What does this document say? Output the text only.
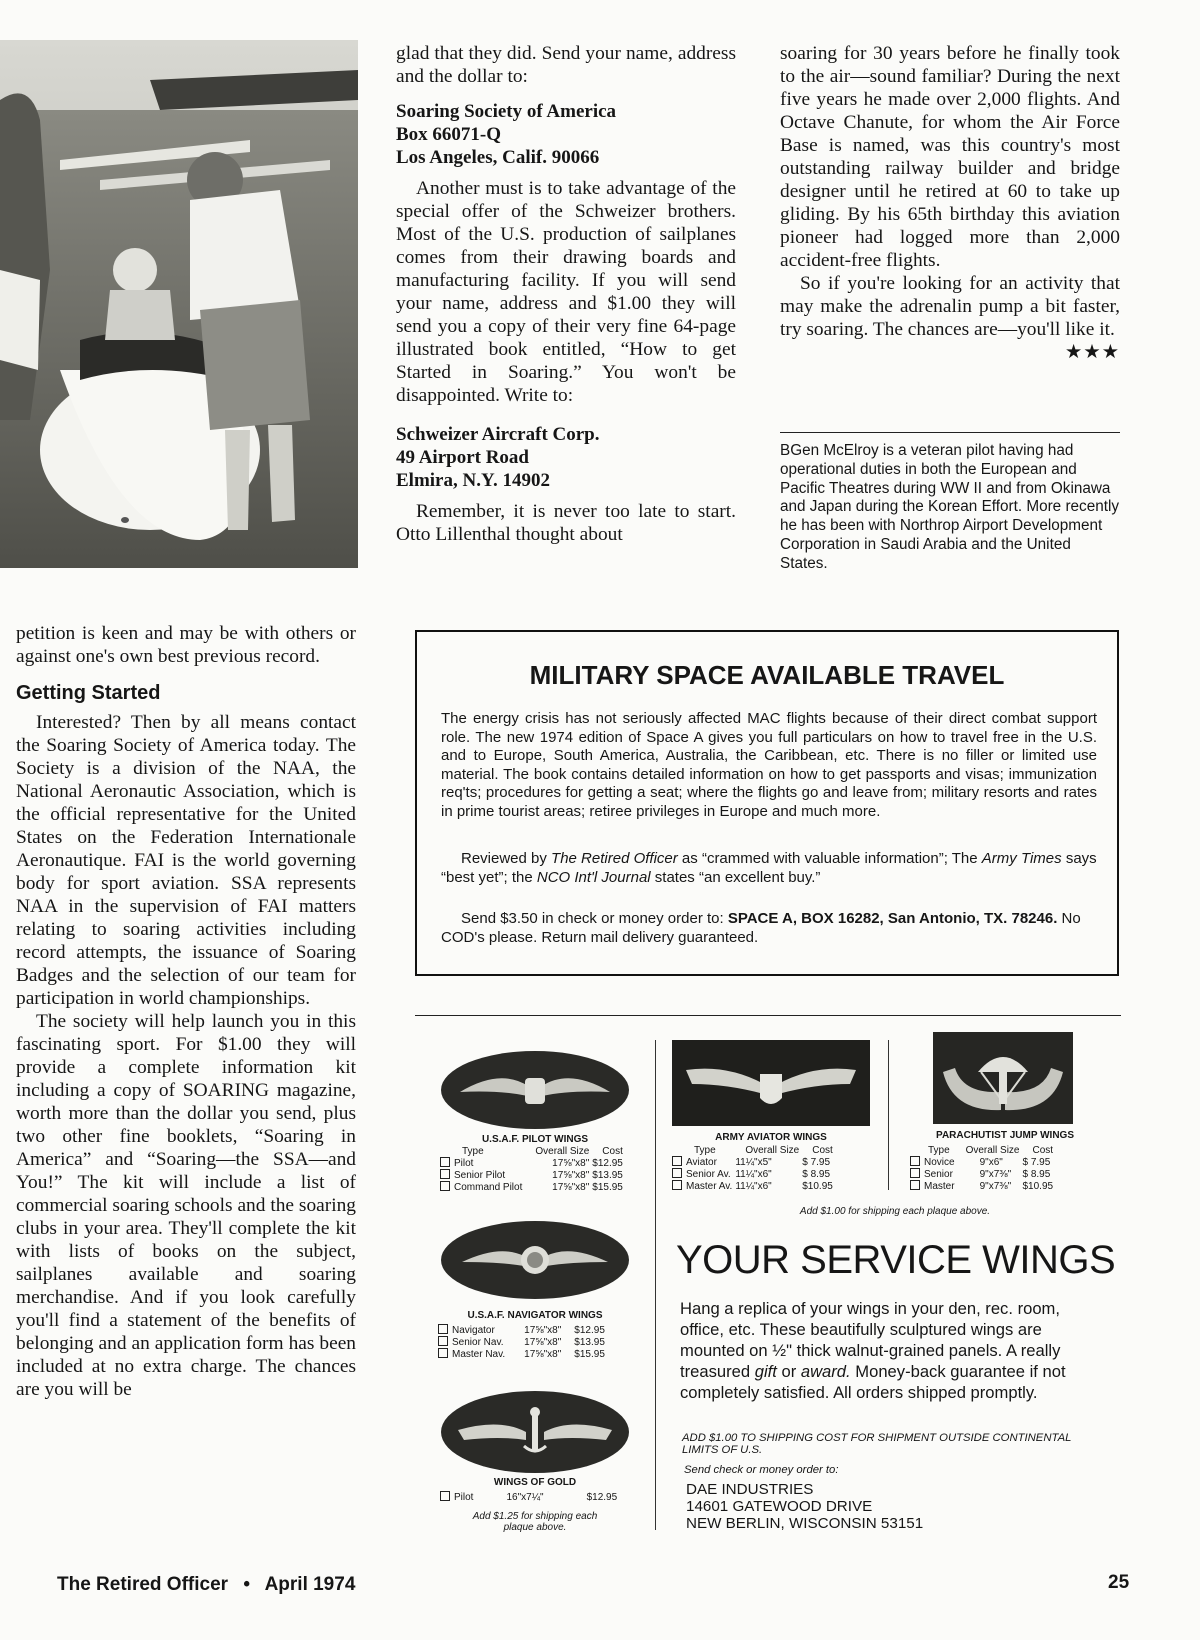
petition is keen and may be with others or against one's own best previous record.

Getting Started

Interested? Then by all means contact the Soaring Society of America today. The Society is a division of the NAA, the National Aeronautic Association, which is the official representative for the United States on the Federation Internationale Aeronautique. FAI is the world governing body for sport aviation. SSA represents NAA in the supervision of FAI matters relating to soaring activities including record attempts, the issuance of Soaring Badges and the selection of our team for participation in world championships.

The society will help launch you in this fascinating sport. For $1.00 they will provide a complete information kit including a copy of SOARING magazine, worth more than the dollar you send, plus two other fine booklets, “Soaring in America” and “Soaring—the SSA—and You!” The kit will include a list of commercial soaring schools and the soaring clubs in your area. They'll complete the kit with lists of books on the subject, sailplanes available and soaring merchandise. And if you look carefully you'll find a statement of the benefits of belonging and an application form has been included at no extra charge. The chances are you will be

glad that they did. Send your name, address and the dollar to:

Soaring Society of America
Box 66071-Q
Los Angeles, Calif. 90066

Another must is to take advantage of the special offer of the Schweizer brothers. Most of the U.S. production of sailplanes comes from their drawing boards and manufacturing facility. If you will send your name, address and $1.00 they will send you a copy of their very fine 64-page illustrated book entitled, “How to get Started in Soaring.” You won't be disappointed. Write to:

Schweizer Aircraft Corp.
49 Airport Road
Elmira, N.Y. 14902

Remember, it is never too late to start. Otto Lillenthal thought about

soaring for 30 years before he finally took to the air—sound familiar? During the next five years he made over 2,000 flights. And Octave Chanute, for whom the Air Force Base is named, was this country's most outstanding railway builder and bridge designer until he retired at 60 to take up gliding. By his 65th birthday this aviation pioneer had logged more than 2,000 accident-free flights.

So if you're looking for an activity that may make the adrenalin pump a bit faster, try soaring. The chances are—you'll like it.
★★★

BGen McElroy is a veteran pilot having had operational duties in both the European and Pacific Theatres during WW II and from Okinawa and Japan during the Korean Effort. More recently he has been with Northrop Airport Development Corporation in Saudi Arabia and the United States.
MILITARY SPACE AVAILABLE TRAVEL
The energy crisis has not seriously affected MAC flights because of their direct combat support role. The new 1974 edition of Space A gives you full particulars on how to travel free in the U.S. and to Europe, South America, Australia, the Caribbean, etc. There is no filler or limited use material. The book contains detailed information on how to get passports and visas; immunization req'ts; procedures for getting a seat; where the flights go and leave from; military resorts and rates in prime tourist areas; retiree privileges in Europe and much more.
Reviewed by The Retired Officer as “crammed with valuable information”; The Army Times says “best yet”; the NCO Int'l Journal states “an excellent buy.”
Send $3.50 in check or money order to: SPACE A, BOX 16282, San Antonio, TX. 78246. No COD's please. Return mail delivery guaranteed.
U.S.A.F. PILOT WINGS
Type	Overall Size	Cost
Pilot	17⅝"x8"	$12.95
Senior Pilot	17⅝"x8"	$13.95
Command Pilot	17⅝"x8"	$15.95
ARMY AVIATOR WINGS
Type	Overall Size	Cost
Aviator	11¼"x5"	$ 7.95
Senior Av.	11¼"x6"	$ 8.95
Master Av.	11¼"x6"	$10.95
PARACHUTIST JUMP WINGS
Type	Overall Size	Cost
Novice	9"x6"	$ 7.95
Senior	9"x7⅜"	$ 8.95
Master	9"x7⅜"	$10.95
Add $1.00 for shipping each plaque above.
U.S.A.F. NAVIGATOR WINGS
Navigator	17⅝"x8"	$12.95
Senior Nav.	17⅝"x8"	$13.95
Master Nav.	17⅝"x8"	$15.95
WINGS OF GOLD
Pilot	16"x7¼"	$12.95
Add $1.25 for shipping each plaque above.
YOUR SERVICE WINGS
Hang a replica of your wings in your den, rec. room, office, etc. These beautifully sculptured wings are mounted on ½" thick walnut-grained panels. A really treasured gift or award. Money-back guarantee if not completely satisfied. All orders shipped promptly.
ADD $1.00 TO SHIPPING COST FOR SHIPMENT OUTSIDE CONTINENTAL LIMITS OF U.S.
Send check or money order to:
DAE INDUSTRIES
14601 GATEWOOD DRIVE
NEW BERLIN, WISCONSIN 53151
The Retired Officer • April 1974	25
